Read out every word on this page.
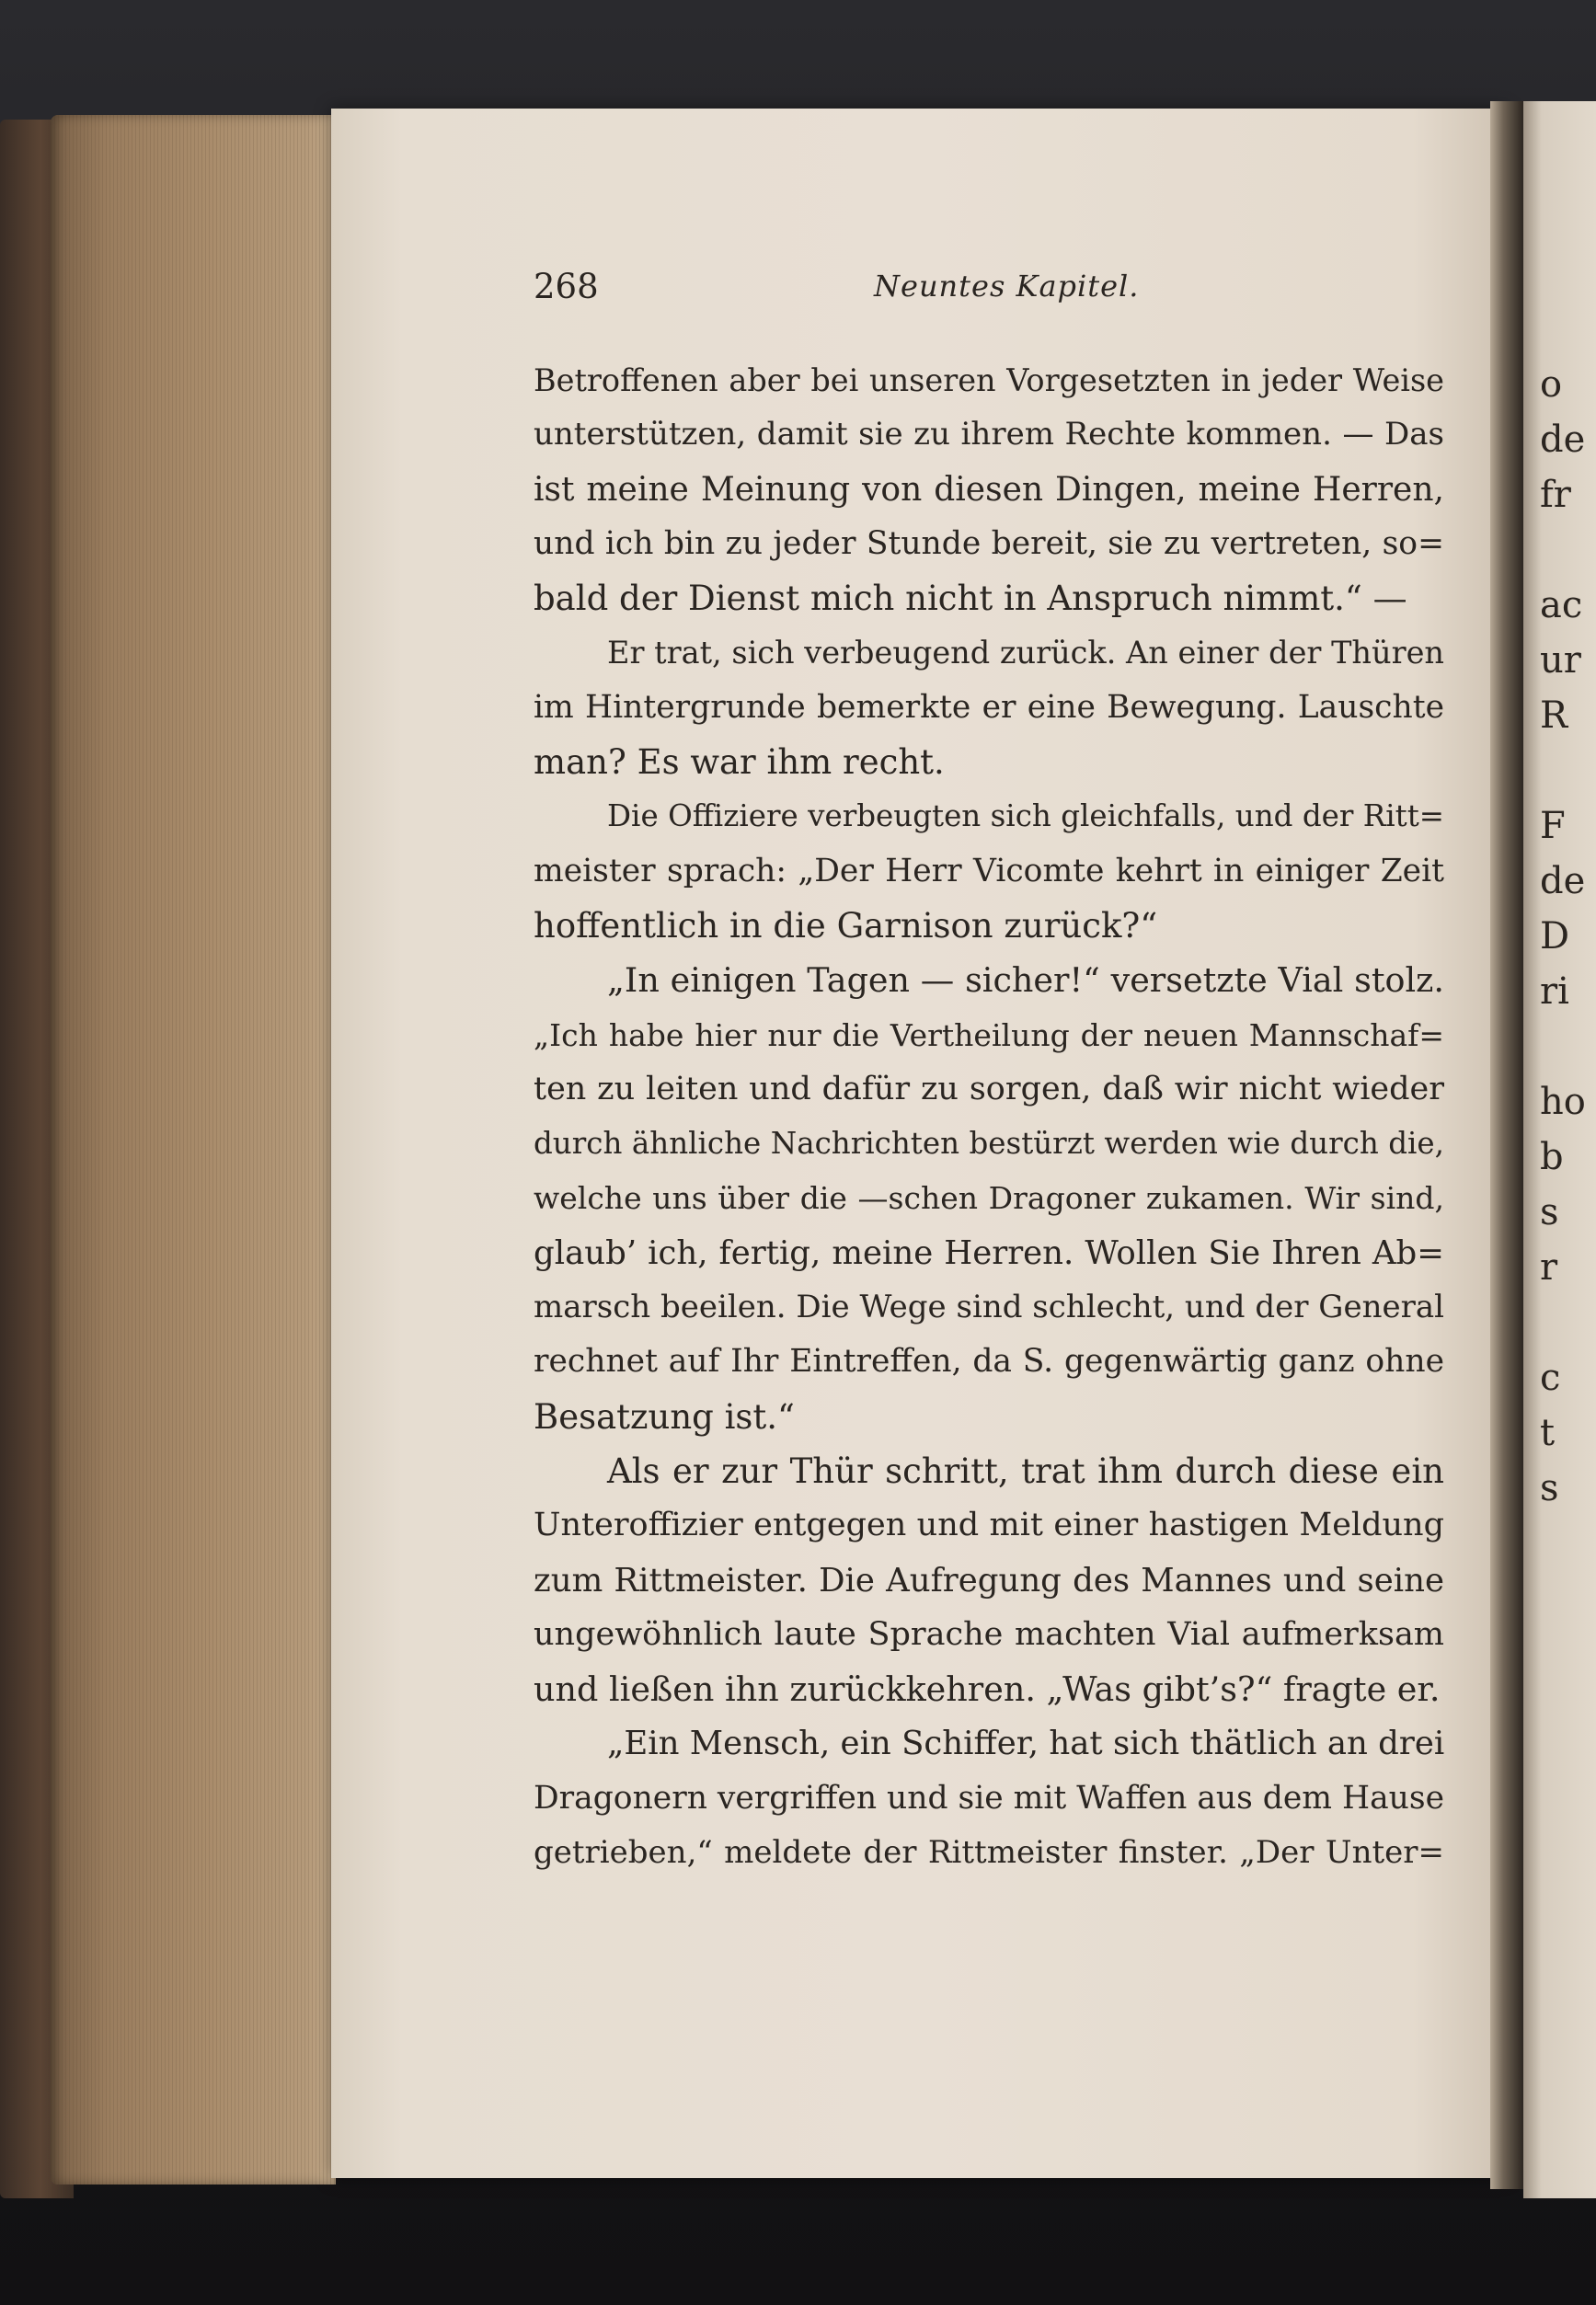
o
de
fr
ac
ur
R
F
de
D
ri
ho
b
s
r
c
t
s
268	Neuntes Kapitel.
Betroffenen aber bei unseren Vorgesetzten in jeder Weise
unterstützen, damit sie zu ihrem Rechte kommen. — Das
ist meine Meinung von diesen Dingen, meine Herren,
und ich bin zu jeder Stunde bereit, sie zu vertreten, so=
bald der Dienst mich nicht in Anspruch nimmt.“ —
Er trat, sich verbeugend zurück. An einer der Thüren
im Hintergrunde bemerkte er eine Bewegung. Lauschte
man? Es war ihm recht.
Die Offiziere verbeugten sich gleichfalls, und der Ritt=
meister sprach: „Der Herr Vicomte kehrt in einiger Zeit
hoffentlich in die Garnison zurück?“
„In einigen Tagen — sicher!“ versetzte Vial stolz.
„Ich habe hier nur die Vertheilung der neuen Mannschaf=
ten zu leiten und dafür zu sorgen, daß wir nicht wieder
durch ähnliche Nachrichten bestürzt werden wie durch die,
welche uns über die —schen Dragoner zukamen. Wir sind,
glaub’ ich, fertig, meine Herren. Wollen Sie Ihren Ab=
marsch beeilen. Die Wege sind schlecht, und der General
rechnet auf Ihr Eintreffen, da S. gegenwärtig ganz ohne
Besatzung ist.“
Als er zur Thür schritt, trat ihm durch diese ein
Unteroffizier entgegen und mit einer hastigen Meldung
zum Rittmeister. Die Aufregung des Mannes und seine
ungewöhnlich laute Sprache machten Vial aufmerksam
und ließen ihn zurückkehren. „Was gibt’s?“ fragte er.
„Ein Mensch, ein Schiffer, hat sich thätlich an drei
Dragonern vergriffen und sie mit Waffen aus dem Hause
getrieben,“ meldete der Rittmeister finster. „Der Unter=
